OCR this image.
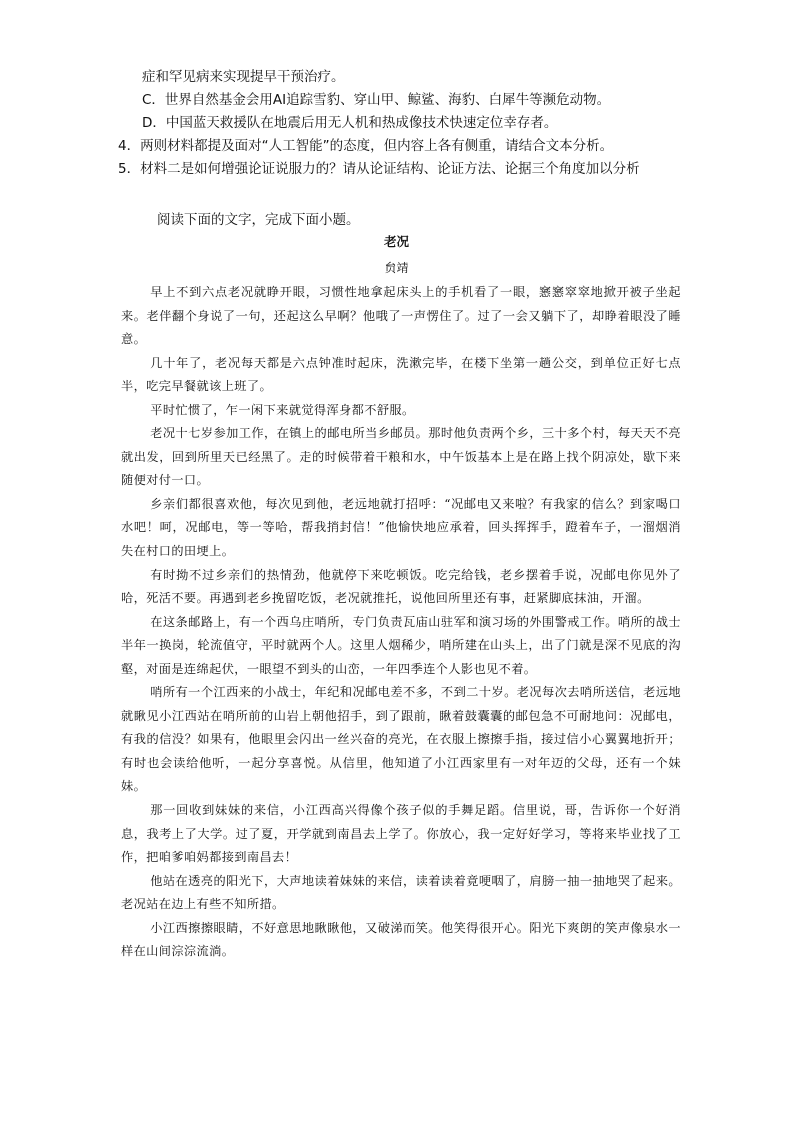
症和罕见病来实现提早干预治疗。
C．世界自然基金会用AI追踪雪豹、穿山甲、鲸鲨、海豹、白犀牛等濒危动物。
D．中国蓝天救援队在地震后用无人机和热成像技术快速定位幸存者。
4．两则材料都提及面对“人工智能”的态度，但内容上各有侧重，请结合文本分析。
5．材料二是如何增强论证说服力的？请从论证结构、论证方法、论据三个角度加以分析
阅读下面的文字，完成下面小题。
老况
贠靖

早上不到六点老况就睁开眼，习惯性地拿起床头上的手机看了一眼，窸窸窣窣地掀开被子坐起来。老伴翻个身说了一句，还起这么早啊？他哦了一声愣住了。过了一会又躺下了，却睁着眼没了睡意。

几十年了，老况每天都是六点钟准时起床，洗漱完毕，在楼下坐第一趟公交，到单位正好七点半，吃完早餐就该上班了。

平时忙惯了，乍一闲下来就觉得浑身都不舒服。

老况十七岁参加工作，在镇上的邮电所当乡邮员。那时他负责两个乡，三十多个村，每天天不亮就出发，回到所里天已经黑了。走的时候带着干粮和水，中午饭基本上是在路上找个阴凉处，歇下来随便对付一口。

乡亲们都很喜欢他，每次见到他，老远地就打招呼：“况邮电又来啦？有我家的信么？到家喝口水吧！呵，况邮电，等一等哈，帮我捎封信！”他愉快地应承着，回头挥挥手，蹬着车子，一溜烟消失在村口的田埂上。

有时拗不过乡亲们的热情劲，他就停下来吃顿饭。吃完给钱，老乡摆着手说，况邮电你见外了哈，死活不要。再遇到老乡挽留吃饭，老况就推托，说他回所里还有事，赶紧脚底抹油，开溜。

在这条邮路上，有一个西乌庄哨所，专门负责瓦庙山驻军和演习场的外围警戒工作。哨所的战士半年一换岗，轮流值守，平时就两个人。这里人烟稀少，哨所建在山头上，出了门就是深不见底的沟壑，对面是连绵起伏，一眼望不到头的山峦，一年四季连个人影也见不着。

哨所有一个江西来的小战士，年纪和况邮电差不多，不到二十岁。老况每次去哨所送信，老远地就瞅见小江西站在哨所前的山岩上朝他招手，到了跟前，瞅着鼓囊囊的邮包急不可耐地问：况邮电，有我的信没？如果有，他眼里会闪出一丝兴奋的亮光，在衣服上擦擦手指，接过信小心翼翼地折开；有时也会读给他听，一起分享喜悦。从信里，他知道了小江西家里有一对年迈的父母，还有一个妹妹。

那一回收到妹妹的来信，小江西高兴得像个孩子似的手舞足蹈。信里说，哥，告诉你一个好消息，我考上了大学。过了夏，开学就到南昌去上学了。你放心，我一定好好学习，等将来毕业找了工作，把咱爹咱妈都接到南昌去！

他站在透亮的阳光下，大声地读着妹妹的来信，读着读着竟哽咽了，肩膀一抽一抽地哭了起来。老况站在边上有些不知所措。

小江西擦擦眼睛，不好意思地瞅瞅他，又破涕而笑。他笑得很开心。阳光下爽朗的笑声像泉水一样在山间淙淙流淌。
